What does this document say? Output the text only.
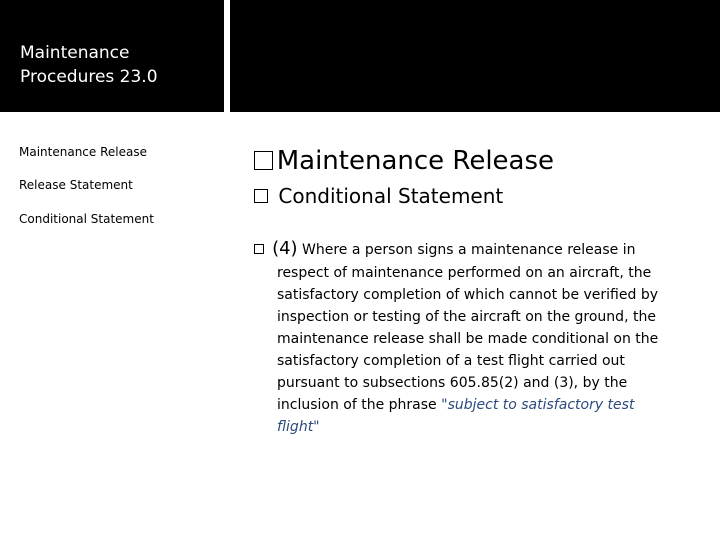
Maintenance
Procedures 23.0
Maintenance Release
Release Statement
Conditional Statement
Maintenance Release
Conditional Statement
(4) Where a person signs a maintenance release in
respect of maintenance performed on an aircraft, the
satisfactory completion of which cannot be verified by
inspection or testing of the aircraft on the ground, the
maintenance release shall be made conditional on the
satisfactory completion of a test flight carried out
pursuant to subsections 605.85(2) and (3), by the
inclusion of the phrase "subject to satisfactory test
flight"
